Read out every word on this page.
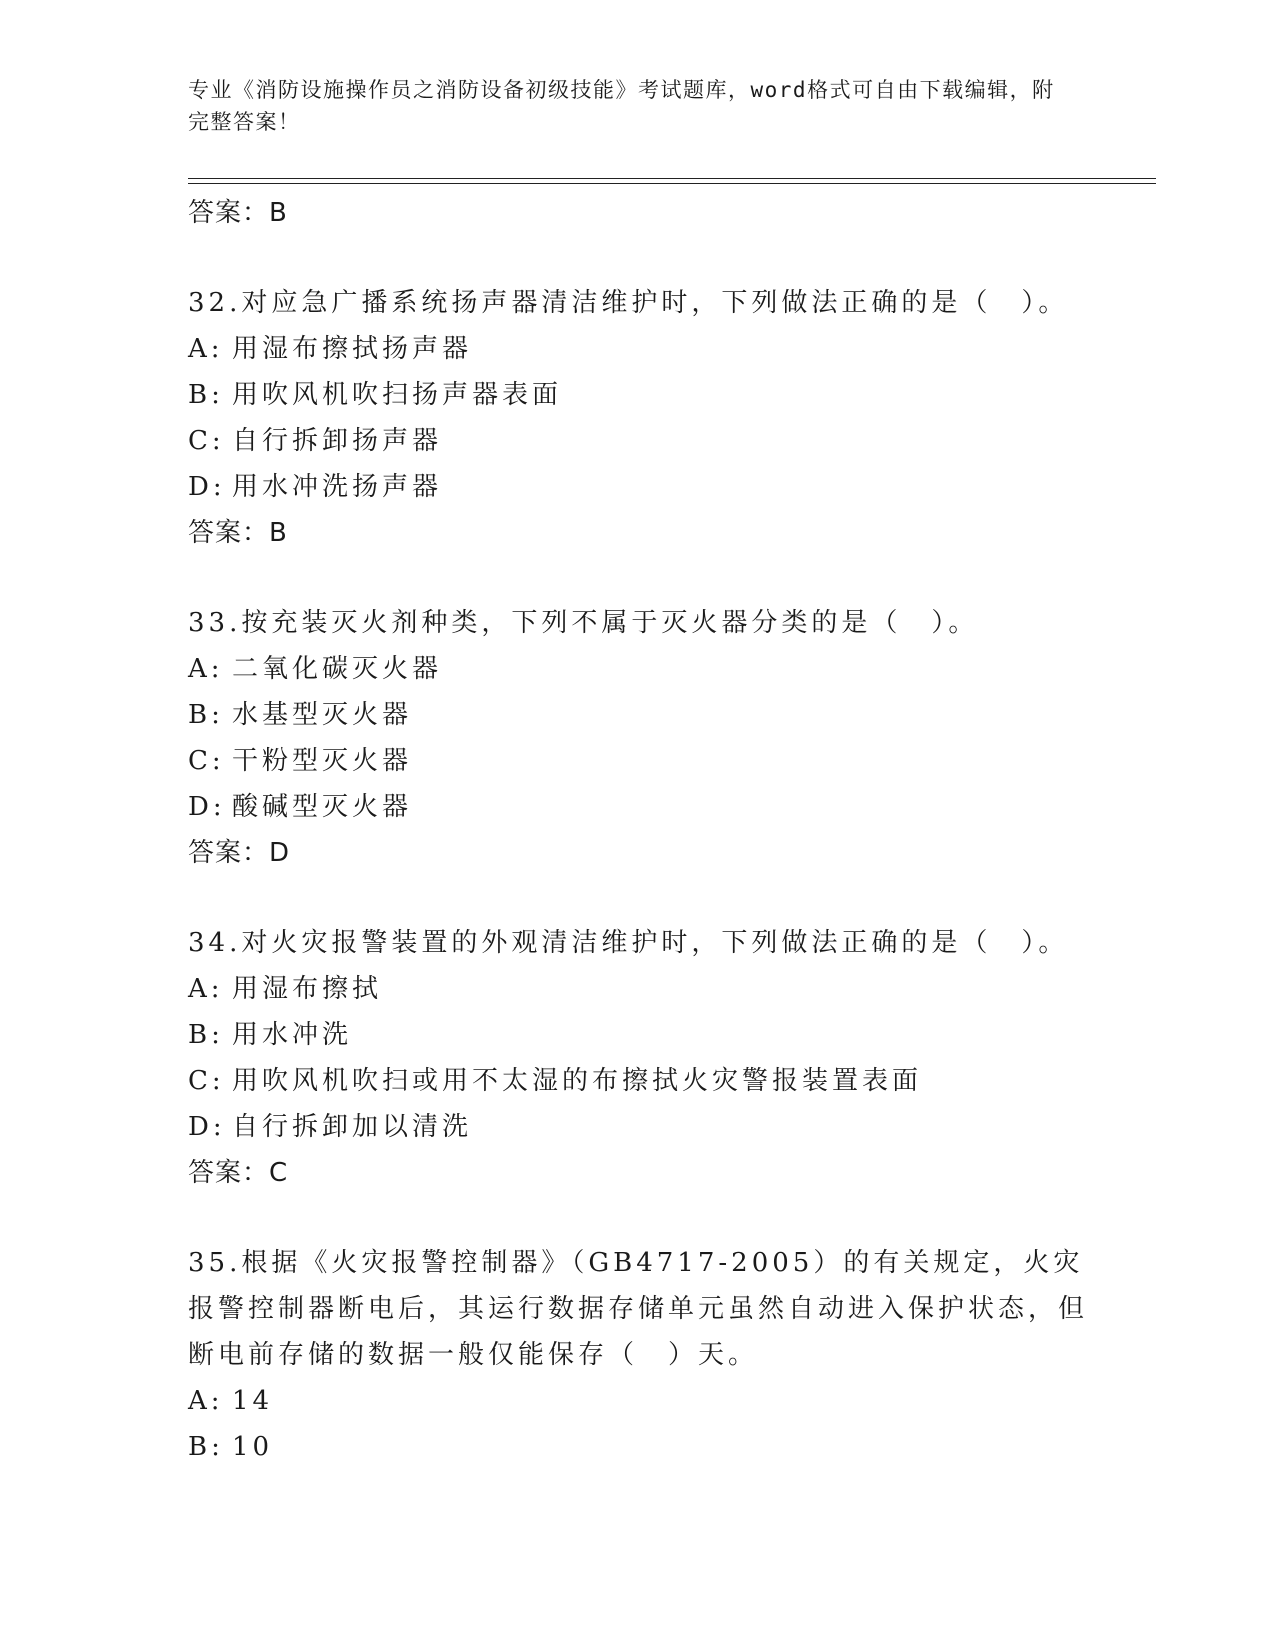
专业《消防设施操作员之消防设备初级技能》考试题库，word格式可自由下载编辑，附完整答案！
答案：B
32.对应急广播系统扬声器清洁维护时，下列做法正确的是（　）。
A: 用湿布擦拭扬声器
B: 用吹风机吹扫扬声器表面
C: 自行拆卸扬声器
D: 用水冲洗扬声器
答案：B
33.按充装灭火剂种类，下列不属于灭火器分类的是（　）。
A: 二氧化碳灭火器
B: 水基型灭火器
C: 干粉型灭火器
D: 酸碱型灭火器
答案：D
34.对火灾报警装置的外观清洁维护时，下列做法正确的是（　）。
A: 用湿布擦拭
B: 用水冲洗
C: 用吹风机吹扫或用不太湿的布擦拭火灾警报装置表面
D: 自行拆卸加以清洗
答案：C
35.根据《火灾报警控制器》（GB4717-2005）的有关规定，火灾报警控制器断电后，其运行数据存储单元虽然自动进入保护状态，但断电前存储的数据一般仅能保存（　）天。
A: 14
B: 10
